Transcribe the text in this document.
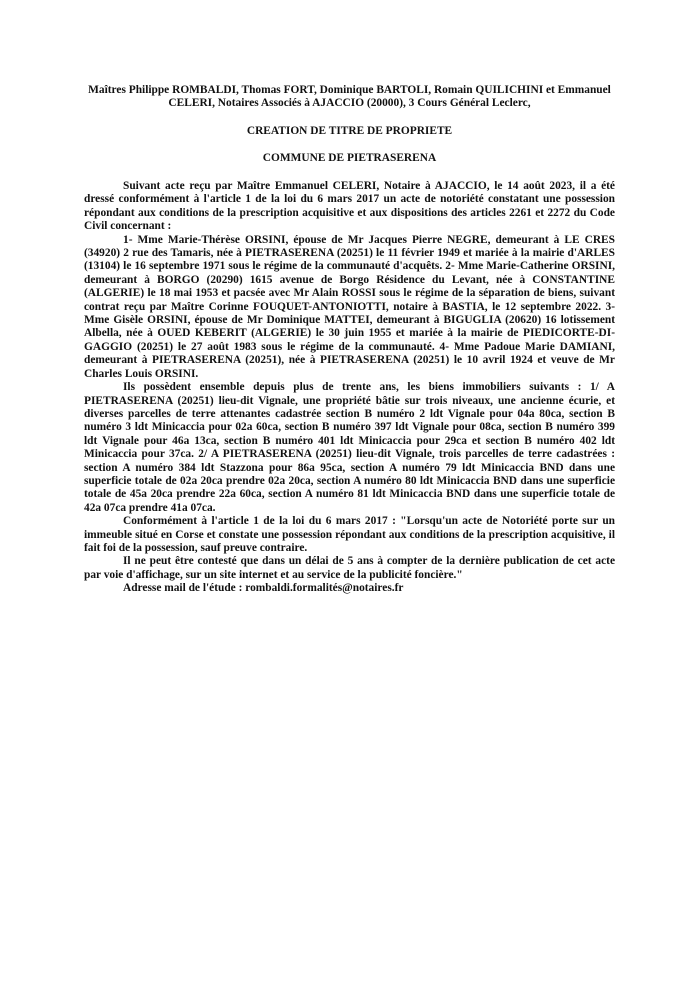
Maîtres Philippe ROMBALDI, Thomas FORT, Dominique BARTOLI, Romain QUILICHINI et Emmanuel CELERI, Notaires Associés à AJACCIO (20000), 3 Cours Général Leclerc,
CREATION DE TITRE DE PROPRIETE
COMMUNE DE PIETRASERENA

Suivant acte reçu par Maître Emmanuel CELERI, Notaire à AJACCIO, le 14 août 2023, il a été dressé conformément à l'article 1 de la loi du 6 mars 2017 un acte de notoriété constatant une possession répondant aux conditions de la prescription acquisitive et aux dispositions des articles 2261 et 2272 du Code Civil concernant :

1- Mme Marie-Thérèse ORSINI, épouse de Mr Jacques Pierre NEGRE, demeurant à LE CRES (34920) 2 rue des Tamaris, née à PIETRASERENA (20251) le 11 février 1949 et mariée à la mairie d'ARLES (13104) le 16 septembre 1971 sous le régime de la communauté d'acquêts. 2- Mme Marie-Catherine ORSINI, demeurant à BORGO (20290) 1615 avenue de Borgo Résidence du Levant, née à CONSTANTINE (ALGERIE) le 18 mai 1953 et pacsée avec Mr Alain ROSSI sous le régime de la séparation de biens, suivant contrat reçu par Maître Corinne FOUQUET-ANTONIOTTI, notaire à BASTIA, le 12 septembre 2022. 3- Mme Gisèle ORSINI, épouse de Mr Dominique MATTEI, demeurant à BIGUGLIA (20620) 16 lotissement Albella, née à OUED KEBERIT (ALGERIE) le 30 juin 1955 et mariée à la mairie de PIEDICORTE-DI-GAGGIO (20251) le 27 août 1983 sous le régime de la communauté. 4- Mme Padoue Marie DAMIANI, demeurant à PIETRASERENA (20251), née à PIETRASERENA (20251) le 10 avril 1924 et veuve de Mr Charles Louis ORSINI.

Ils possèdent ensemble depuis plus de trente ans, les biens immobiliers suivants : 1/ A PIETRASERENA (20251) lieu-dit Vignale, une propriété bâtie sur trois niveaux, une ancienne écurie, et diverses parcelles de terre attenantes cadastrée section B numéro 2 ldt Vignale pour 04a 80ca, section B numéro 3 ldt Minicaccia pour 02a 60ca, section B numéro 397 ldt Vignale pour 08ca, section B numéro 399 ldt Vignale pour 46a 13ca, section B numéro 401 ldt Minicaccia pour 29ca et section B numéro 402 ldt Minicaccia pour 37ca. 2/ A PIETRASERENA (20251) lieu-dit Vignale, trois parcelles de terre cadastrées : section A numéro 384 ldt Stazzona pour 86a 95ca, section A numéro 79 ldt Minicaccia BND dans une superficie totale de 02a 20ca prendre 02a 20ca, section A numéro 80 ldt Minicaccia BND dans une superficie totale de 45a 20ca prendre 22a 60ca, section A numéro 81 ldt Minicaccia BND dans une superficie totale de 42a 07ca prendre 41a 07ca.

Conformément à l'article 1 de la loi du 6 mars 2017 : "Lorsqu'un acte de Notoriété porte sur un immeuble situé en Corse et constate une possession répondant aux conditions de la prescription acquisitive, il fait foi de la possession, sauf preuve contraire.

Il ne peut être contesté que dans un délai de 5 ans à compter de la dernière publication de cet acte par voie d'affichage, sur un site internet et au service de la publicité foncière."

Adresse mail de l'étude : rombaldi.formalités@notaires.fr
